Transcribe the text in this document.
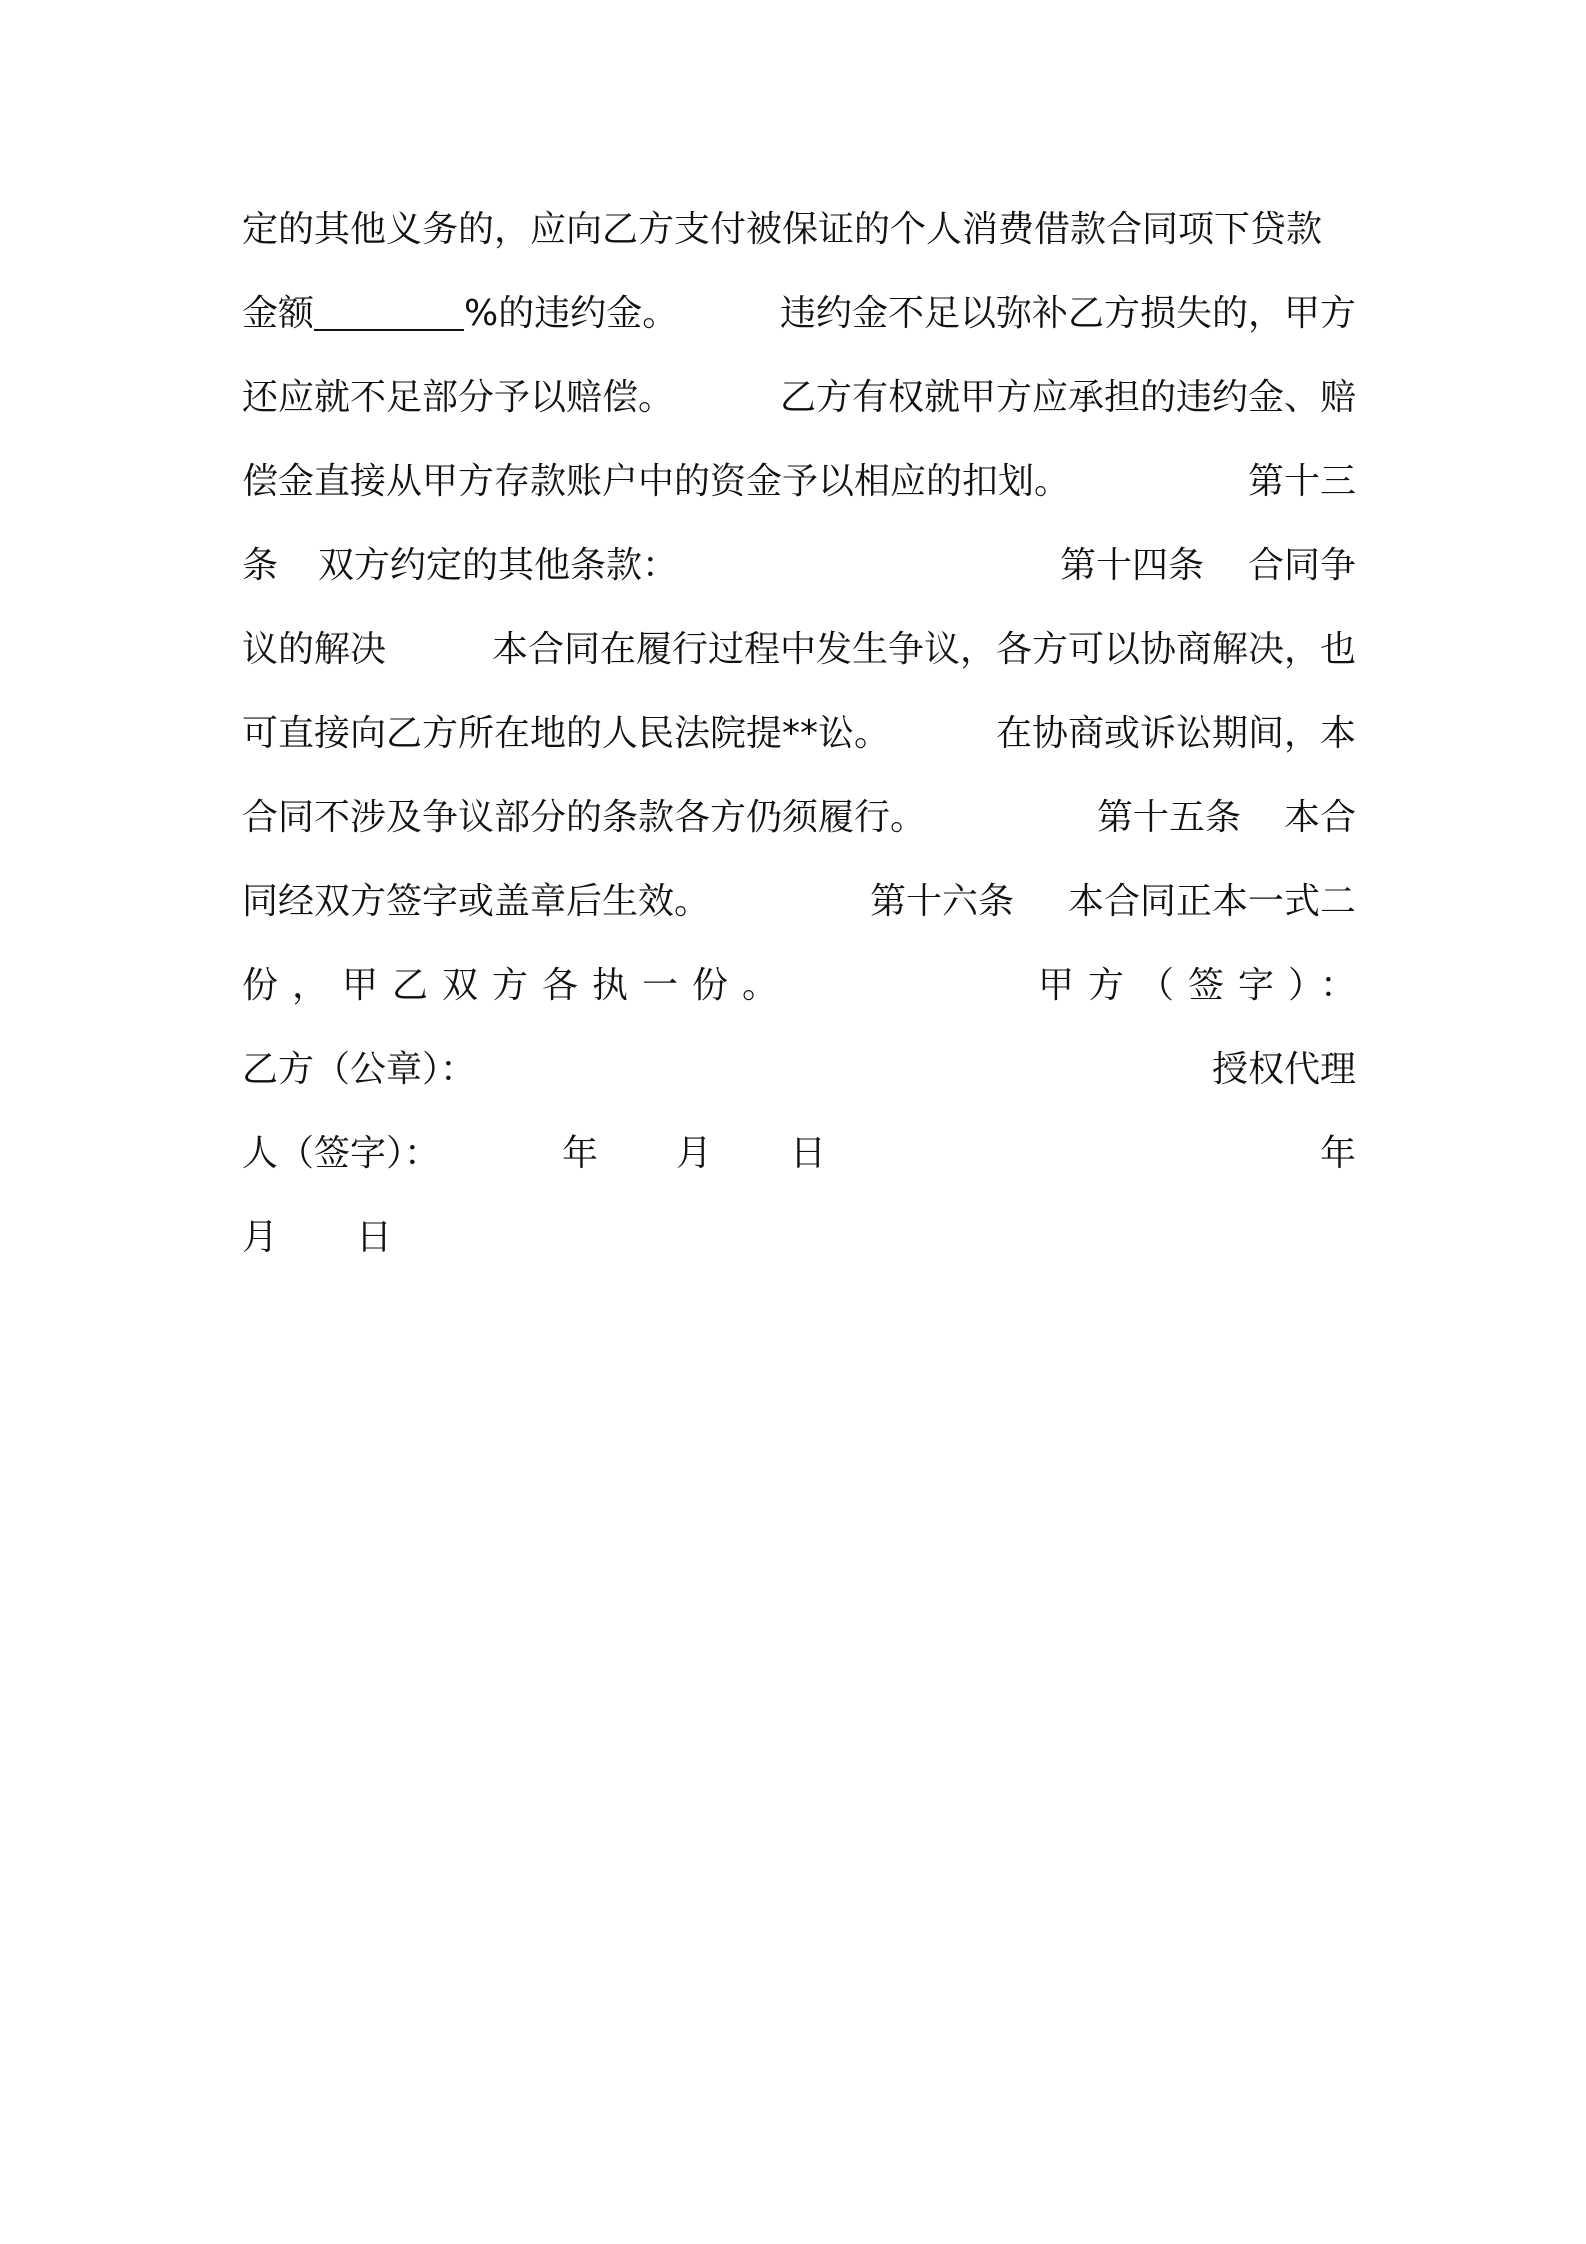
定的其他义务的，应向乙方支付被保证的个人消费借款合同项下贷款
金额	%的违约金。	违约金不足以弥补乙方损失的，甲方
还应就不足部分予以赔偿。	乙方有权就甲方应承担的违约金、赔
偿金直接从甲方存款账户中的资金予以相应的扣划。	第十三
条 双方约定的其他条款：	第十四条 合同争
议的解决	本合同在履行过程中发生争议，各方可以协商解决，也
可直接向乙方所在地的人民法院提**讼。	在协商或诉讼期间，本
合同不涉及争议部分的条款各方仍须履行。	第十五条 本合
同经双方签字或盖章后生效。	第十六条 本合同正本一式二
份，甲乙双方各执一份。	甲方（签字）：
乙方（公章）：	授权代理
人（签字）：	年 月 日	年
月 日
